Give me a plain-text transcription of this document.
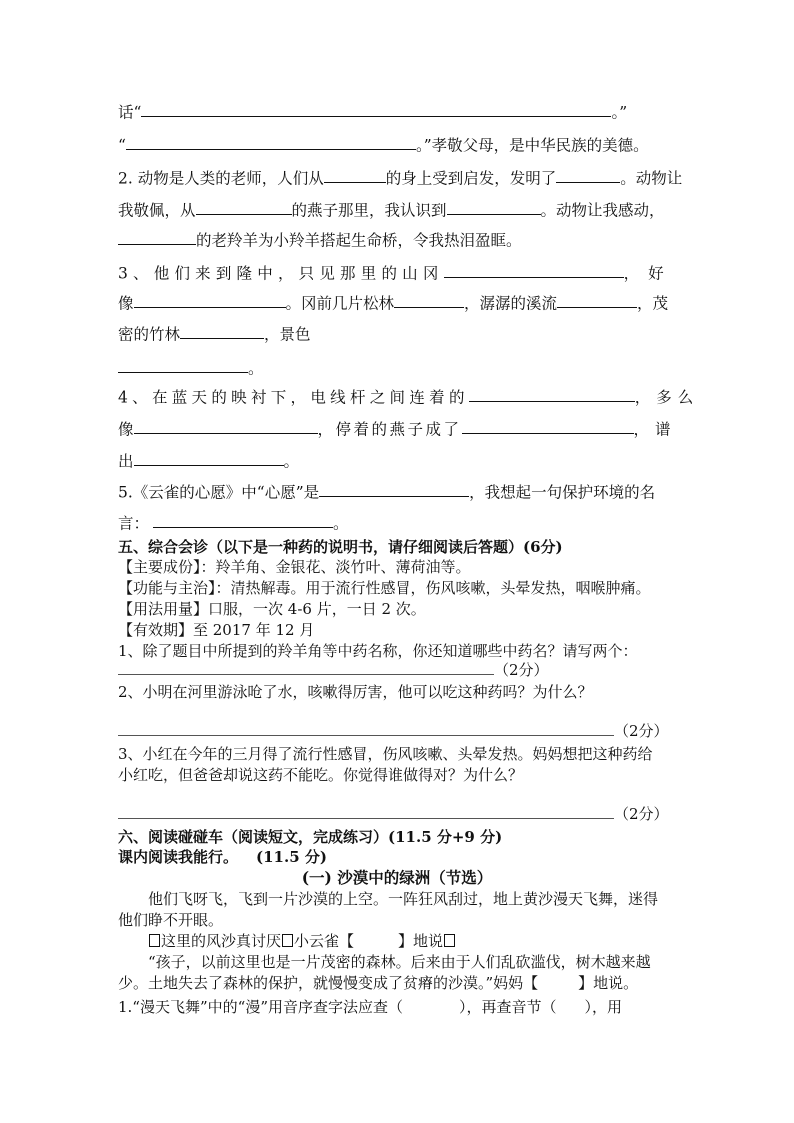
话“	。”
“	。”孝敬父母，是中华民族的美德。
2. 动物是人类的老师，人们从	的身上受到启发，发明了	。动物让
我敬佩，从	的燕子那里，我认识到	。动物让我感动，
的老羚羊为小羚羊搭起生命桥，令我热泪盈眶。
3、他们来到隆中，只见那里的山冈	，好
像	。冈前几片松林	，潺潺的溪流	，茂
密的竹林	，景色
。
4、在蓝天的映衬下，电线杆之间连着的	，多么
像	，停着的燕子成了	，谱
出	。
5.《云雀的心愿》中“心愿”是	，我想起一句保护环境的名
言：	。
五、综合会诊（以下是一种药的说明书，请仔细阅读后答题）(6分)
【主要成份】：羚羊角、金银花、淡竹叶、薄荷油等。
【功能与主治】：清热解毒。用于流行性感冒，伤风咳嗽，头晕发热，咽喉肿痛。
【用法用量】口服，一次 4-6 片，一日 2 次。
【有效期】至 2017 年 12 月
1、除了题目中所提到的羚羊角等中药名称，你还知道哪些中药名？请写两个：
（2分）
2、小明在河里游泳呛了水，咳嗽得厉害，他可以吃这种药吗？为什么？
（2分）
3、小红在今年的三月得了流行性感冒，伤风咳嗽、头晕发热。妈妈想把这种药给
小红吃，但爸爸却说这药不能吃。你觉得谁做得对？为什么？
（2分）
六、阅读碰碰车（阅读短文，完成练习）(11.5 分+9 分)
课内阅读我能行。 (11.5 分)
(一) 沙漠中的绿洲（节选）
他们飞呀飞，飞到一片沙漠的上空。一阵狂风刮过，地上黄沙漫天飞舞，迷得
他们睁不开眼。
这里的风沙真讨厌 小云雀【	】地说
“孩子，以前这里也是一片茂密的森林。后来由于人们乱砍滥伐，树木越来越
少。土地失去了森林的保护，就慢慢变成了贫瘠的沙漠。”妈妈【	】地说。
1.“漫天飞舞”中的“漫”用音序查字法应查（	），再查音节（ ），用
